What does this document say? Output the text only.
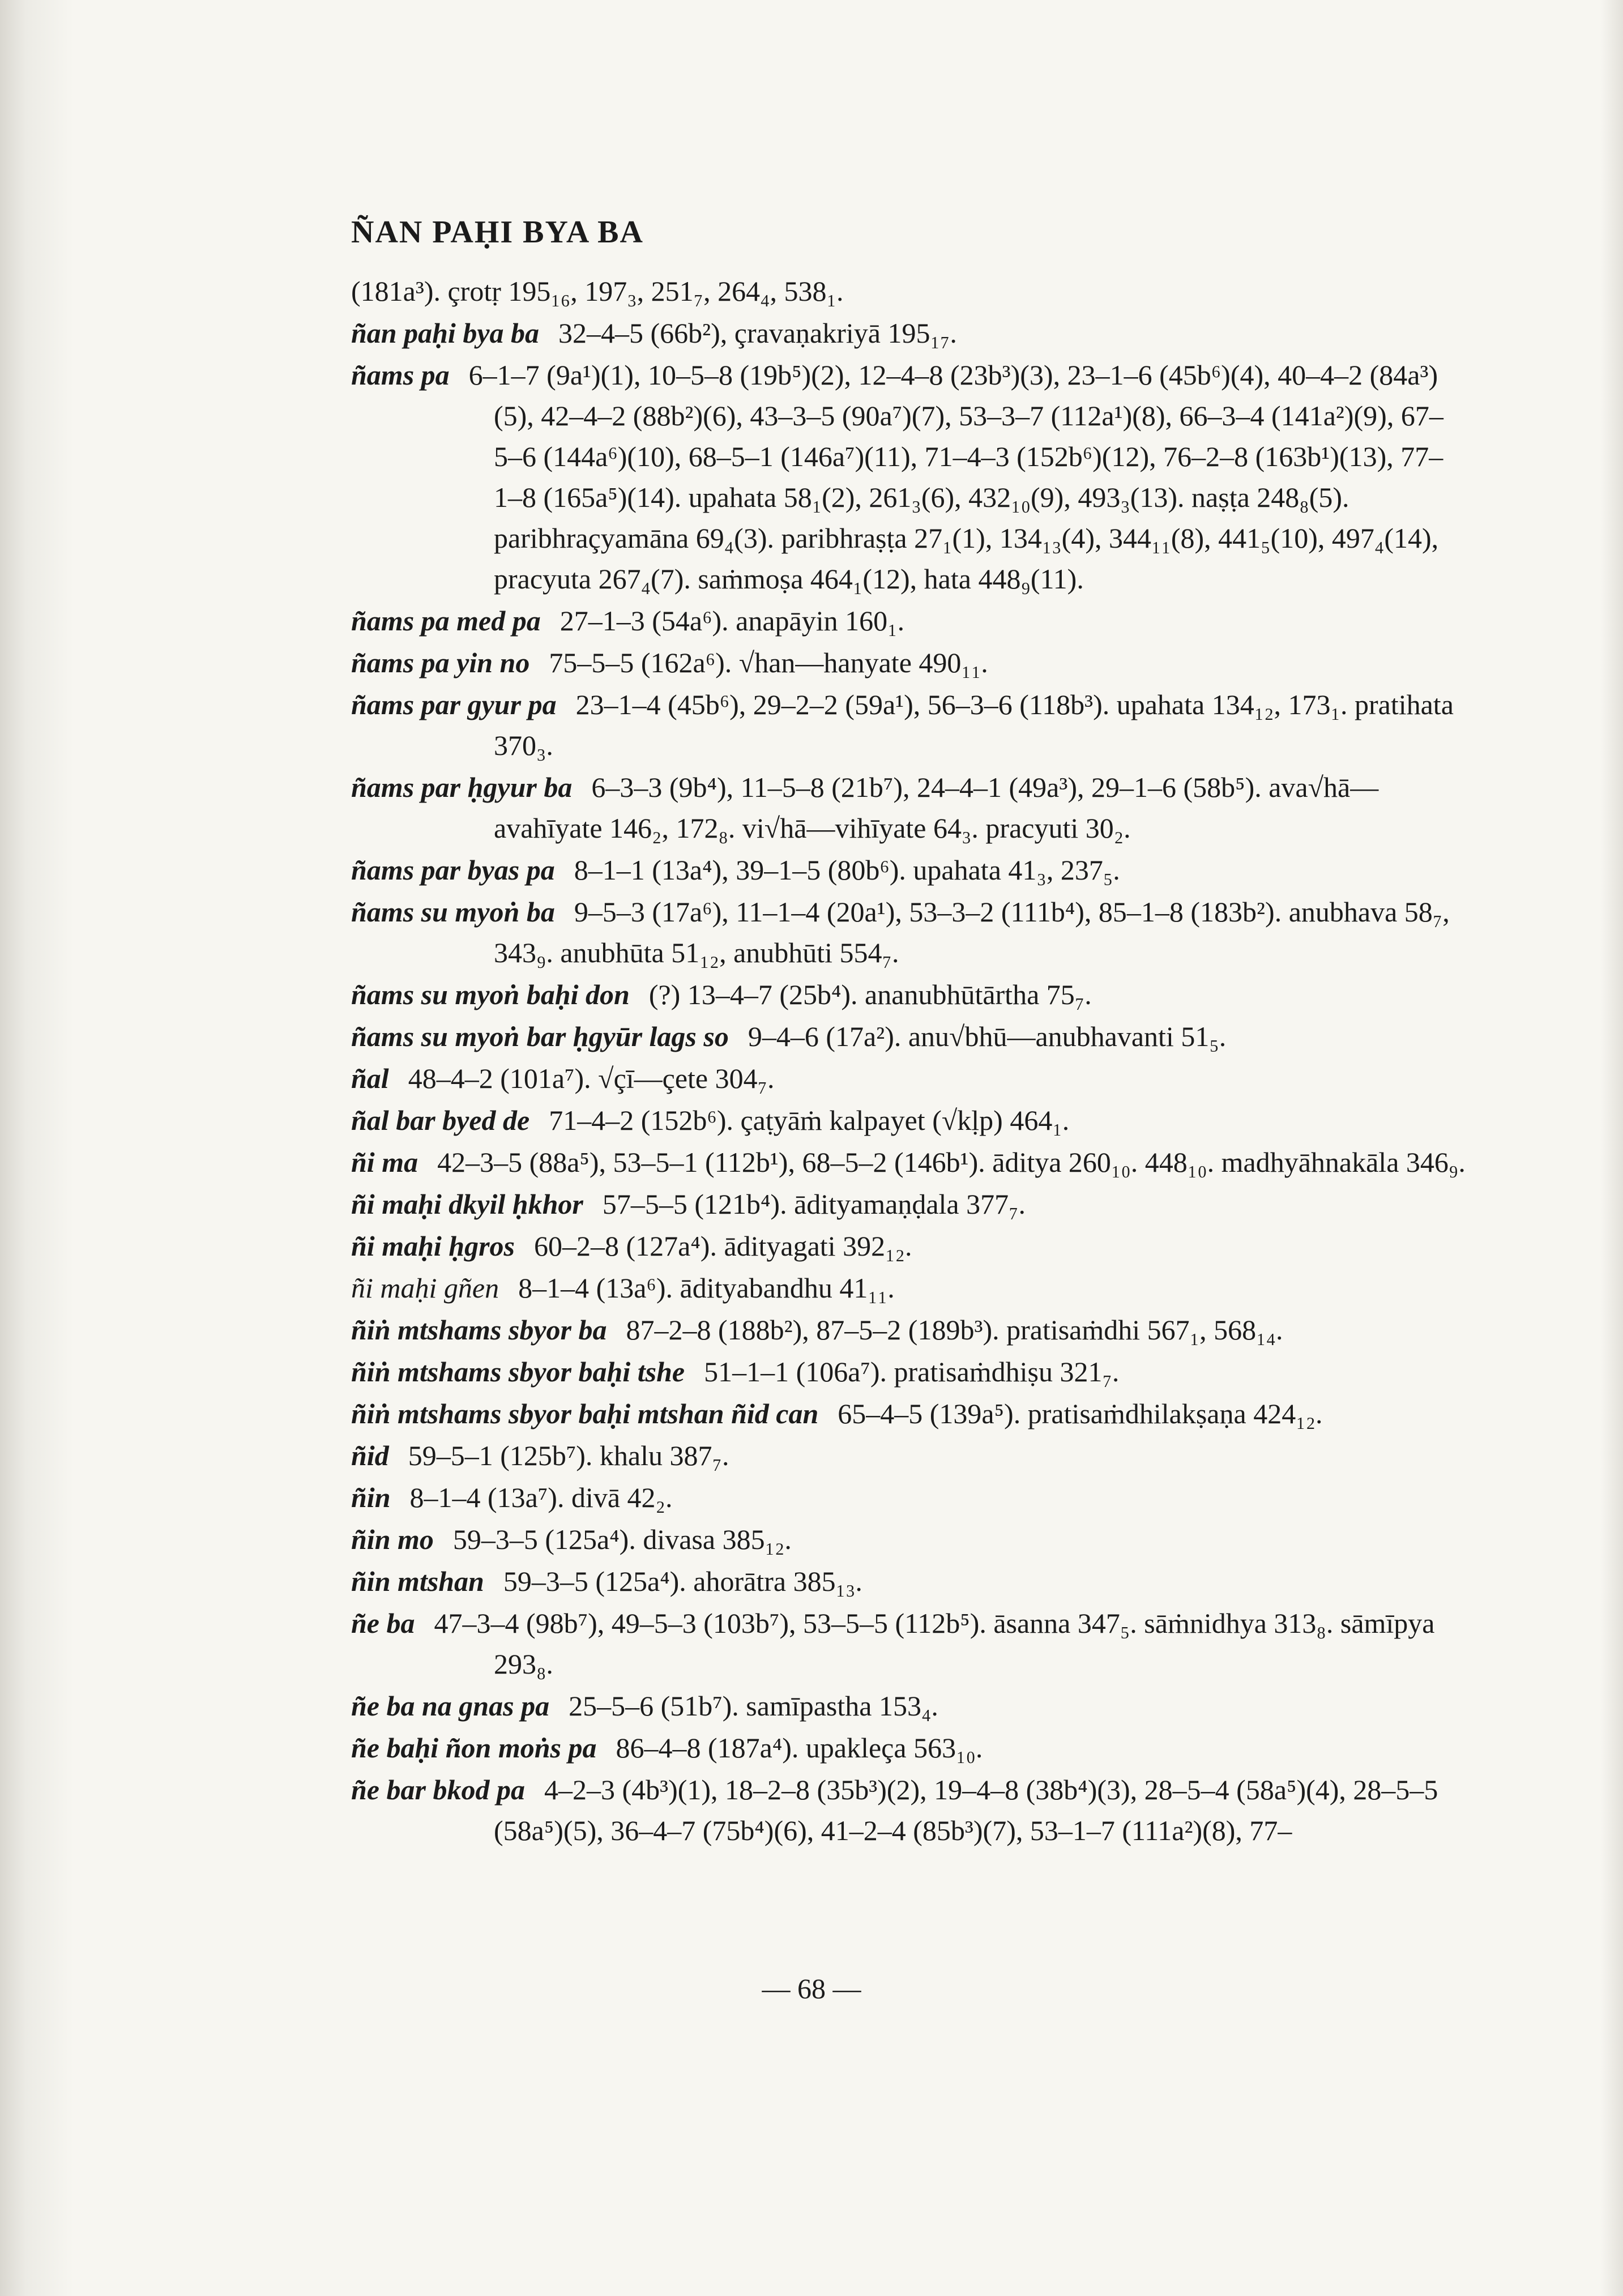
ÑAN PAḤI BYA BA

(181a³). çrotṛ 195₁₆, 197₃, 251₇, 264₄, 538₁.

ñan paḥi bya ba 32–4–5 (66b²), çravaṇakriyā 195₁₇.

ñams pa 6–1–7 (9a¹)(1), 10–5–8 (19b⁵)(2), 12–4–8 (23b³)(3), 23–1–6 (45b⁶)(4), 40–4–2 (84a³)(5), 42–4–2 (88b²)(6), 43–3–5 (90a⁷)(7), 53–3–7 (112a¹)(8), 66–3–4 (141a²)(9), 67–5–6 (144a⁶)(10), 68–5–1 (146a⁷)(11), 71–4–3 (152b⁶)(12), 76–2–8 (163b¹)(13), 77–1–8 (165a⁵)(14). upahata 58₁(2), 261₃(6), 432₁₀(9), 493₃(13). naṣṭa 248₈(5). paribhraçyamāna 69₄(3). paribhraṣṭa 27₁(1), 134₁₃(4), 344₁₁(8), 441₅(10), 497₄(14), pracyuta 267₄(7). saṁmoṣa 464₁(12), hata 448₉(11).

ñams pa med pa 27–1–3 (54a⁶). anapāyin 160₁.

ñams pa yin no 75–5–5 (162a⁶). √han—hanyate 490₁₁.

ñams par gyur pa 23–1–4 (45b⁶), 29–2–2 (59a¹), 56–3–6 (118b³). upahata 134₁₂, 173₁. pratihata 370₃.

ñams par ḥgyur ba 6–3–3 (9b⁴), 11–5–8 (21b⁷), 24–4–1 (49a³), 29–1–6 (58b⁵). ava√hā—avahīyate 146₂, 172₈. vi√hā—vihīyate 64₃. pracyuti 30₂.

ñams par byas pa 8–1–1 (13a⁴), 39–1–5 (80b⁶). upahata 41₃, 237₅.

ñams su myoṅ ba 9–5–3 (17a⁶), 11–1–4 (20a¹), 53–3–2 (111b⁴), 85–1–8 (183b²). anubhava 58₇, 343₉. anubhūta 51₁₂, anubhūti 554₇.

ñams su myoṅ baḥi don (?) 13–4–7 (25b⁴). ananubhūtārtha 75₇.

ñams su myoṅ bar ḥgyūr lags so 9–4–6 (17a²). anu√bhū—anubhavanti 51₅.

ñal 48–4–2 (101a⁷). √çī—çete 304₇.

ñal bar byed de 71–4–2 (152b⁶). çaṭyāṁ kalpayet (√kḷp) 464₁.

ñi ma 42–3–5 (88a⁵), 53–5–1 (112b¹), 68–5–2 (146b¹). āditya 260₁₀. 448₁₀. madhyāhnakāla 346₉.

ñi maḥi dkyil ḥkhor 57–5–5 (121b⁴). ādityamaṇḍala 377₇.

ñi maḥi ḥgros 60–2–8 (127a⁴). ādityagati 392₁₂.

ñi maḥi gñen 8–1–4 (13a⁶). ādityabandhu 41₁₁.

ñiṅ mtshams sbyor ba 87–2–8 (188b²), 87–5–2 (189b³). pratisaṁdhi 567₁, 568₁₄.

ñiṅ mtshams sbyor baḥi tshe 51–1–1 (106a⁷). pratisaṁdhiṣu 321₇.

ñiṅ mtshams sbyor baḥi mtshan ñid can 65–4–5 (139a⁵). pratisaṁdhilakṣaṇa 424₁₂.

ñid 59–5–1 (125b⁷). khalu 387₇.

ñin 8–1–4 (13a⁷). divā 42₂.

ñin mo 59–3–5 (125a⁴). divasa 385₁₂.

ñin mtshan 59–3–5 (125a⁴). ahorātra 385₁₃.

ñe ba 47–3–4 (98b⁷), 49–5–3 (103b⁷), 53–5–5 (112b⁵). āsanna 347₅. sāṁnidhya 313₈. sāmīpya 293₈.

ñe ba na gnas pa 25–5–6 (51b⁷). samīpastha 153₄.

ñe baḥi ñon moṅs pa 86–4–8 (187a⁴). upakleça 563₁₀.

ñe bar bkod pa 4–2–3 (4b³)(1), 18–2–8 (35b³)(2), 19–4–8 (38b⁴)(3), 28–5–4 (58a⁵)(4), 28–5–5 (58a⁵)(5), 36–4–7 (75b⁴)(6), 41–2–4 (85b³)(7), 53–1–7 (111a²)(8), 77–

— 68 —
